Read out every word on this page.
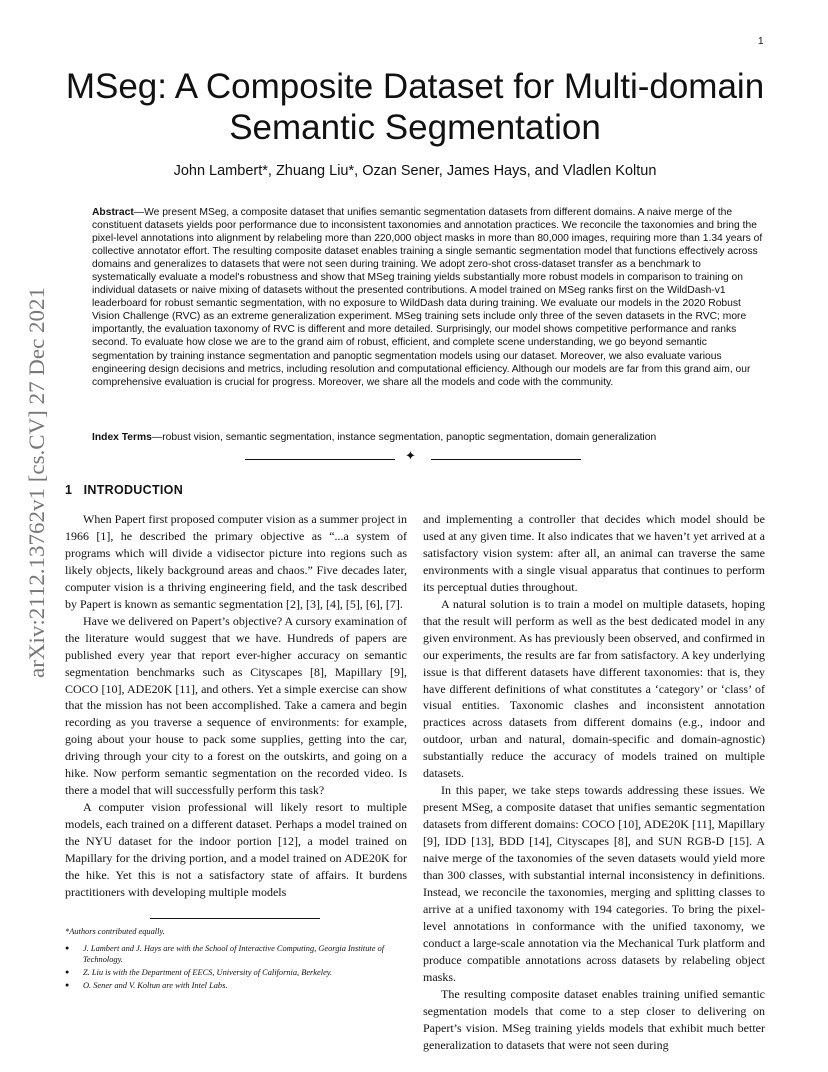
1
arXiv:2112.13762v1 [cs.CV] 27 Dec 2021
MSeg: A Composite Dataset for Multi-domain Semantic Segmentation
John Lambert*, Zhuang Liu*, Ozan Sener, James Hays, and Vladlen Koltun
Abstract—We present MSeg, a composite dataset that unifies semantic segmentation datasets from different domains. A naive merge of the constituent datasets yields poor performance due to inconsistent taxonomies and annotation practices. We reconcile the taxonomies and bring the pixel-level annotations into alignment by relabeling more than 220,000 object masks in more than 80,000 images, requiring more than 1.34 years of collective annotator effort. The resulting composite dataset enables training a single semantic segmentation model that functions effectively across domains and generalizes to datasets that were not seen during training. We adopt zero-shot cross-dataset transfer as a benchmark to systematically evaluate a model's robustness and show that MSeg training yields substantially more robust models in comparison to training on individual datasets or naive mixing of datasets without the presented contributions. A model trained on MSeg ranks first on the WildDash-v1 leaderboard for robust semantic segmentation, with no exposure to WildDash data during training. We evaluate our models in the 2020 Robust Vision Challenge (RVC) as an extreme generalization experiment. MSeg training sets include only three of the seven datasets in the RVC; more importantly, the evaluation taxonomy of RVC is different and more detailed. Surprisingly, our model shows competitive performance and ranks second. To evaluate how close we are to the grand aim of robust, efficient, and complete scene understanding, we go beyond semantic segmentation by training instance segmentation and panoptic segmentation models using our dataset. Moreover, we also evaluate various engineering design decisions and metrics, including resolution and computational efficiency. Although our models are far from this grand aim, our comprehensive evaluation is crucial for progress. Moreover, we share all the models and code with the community.
Index Terms—robust vision, semantic segmentation, instance segmentation, panoptic segmentation, domain generalization
✦
1 INTRODUCTION

When Papert first proposed computer vision as a summer project in 1966 [1], he described the primary objective as “...a system of programs which will divide a vidisector picture into regions such as likely objects, likely background areas and chaos.” Five decades later, computer vision is a thriving engineering field, and the task described by Papert is known as semantic segmentation [2], [3], [4], [5], [6], [7].

Have we delivered on Papert’s objective? A cursory examination of the literature would suggest that we have. Hundreds of papers are published every year that report ever-higher accuracy on semantic segmentation benchmarks such as Cityscapes [8], Mapillary [9], COCO [10], ADE20K [11], and others. Yet a simple exercise can show that the mission has not been accomplished. Take a camera and begin recording as you traverse a sequence of environments: for example, going about your house to pack some supplies, getting into the car, driving through your city to a forest on the outskirts, and going on a hike. Now perform semantic segmentation on the recorded video. Is there a model that will successfully perform this task?

A computer vision professional will likely resort to multiple models, each trained on a different dataset. Perhaps a model trained on the NYU dataset for the indoor portion [12], a model trained on Mapillary for the driving portion, and a model trained on ADE20K for the hike. Yet this is not a satisfactory state of affairs. It burdens practitioners with developing multiple models

and implementing a controller that decides which model should be used at any given time. It also indicates that we haven’t yet arrived at a satisfactory vision system: after all, an animal can traverse the same environments with a single visual apparatus that continues to perform its perceptual duties throughout.

A natural solution is to train a model on multiple datasets, hoping that the result will perform as well as the best dedicated model in any given environment. As has previously been observed, and confirmed in our experiments, the results are far from satisfactory. A key underlying issue is that different datasets have different taxonomies: that is, they have different definitions of what constitutes a ‘category’ or ‘class’ of visual entities. Taxonomic clashes and inconsistent annotation practices across datasets from different domains (e.g., indoor and outdoor, urban and natural, domain-specific and domain-agnostic) substantially reduce the accuracy of models trained on multiple datasets.

In this paper, we take steps towards addressing these issues. We present MSeg, a composite dataset that unifies semantic segmentation datasets from different domains: COCO [10], ADE20K [11], Mapillary [9], IDD [13], BDD [14], Cityscapes [8], and SUN RGB-D [15]. A naive merge of the taxonomies of the seven datasets would yield more than 300 classes, with substantial internal inconsistency in definitions. Instead, we reconcile the taxonomies, merging and splitting classes to arrive at a unified taxonomy with 194 categories. To bring the pixel-level annotations in conformance with the unified taxonomy, we conduct a large-scale annotation via the Mechanical Turk platform and produce compatible annotations across datasets by relabeling object masks.

The resulting composite dataset enables training unified semantic segmentation models that come to a step closer to delivering on Papert’s vision. MSeg training yields models that exhibit much better generalization to datasets that were not seen during

*Authors contributed equally.
● J. Lambert and J. Hays are with the School of Interactive Computing, Georgia Institute of Technology.
● Z. Liu is with the Department of EECS, University of California, Berkeley.
● O. Sener and V. Koltun are with Intel Labs.
